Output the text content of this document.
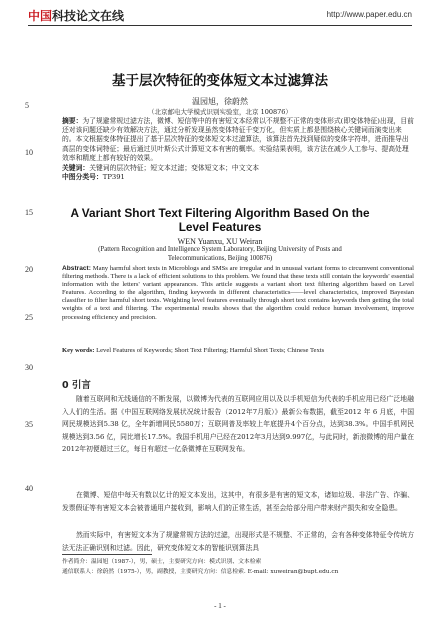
中国科技论文在线	http://www.paper.edu.cn
5
10
15
20
25
30
35
40
基于层次特征的变体短文本过滤算法
温园旭，徐蔚然
（北京邮电大学模式识别实验室，北京 100876）
摘要：为了规避常规过滤方法，微博、短信等中的有害短文本经常以不规整不正常的变体形式(即变体特征)出现，目前还对该问题还缺少有效解决方法，通过分析发现虽然变体特征千变万化，但实质上都是围绕核心关键词而演变出来的。本文根据变体特征提出了基于层次特征的变体短文本过滤算法，该算法首先找到疑似的变体字符串，进而推导出高层的变体词特征；最后通过贝叶斯公式计算短文本有害的概率。实验结果表明，该方法在减少人工参与、提高处理效率和精度上都有较好的效果。
关键词：关键词的层次特征；短文本过滤；变体短文本；中文文本
中图分类号：TP391
A Variant Short Text Filtering Algorithm Based On the Level Features
WEN Yuanxu, XU Weiran
(Pattern Recognition and Intelligence System Laboratory, Beijing University of Posts and Telecommunications, Beijing 100876)
Abstract: Many harmful short texts in Microblogs and SMSs are irregular and in unusual variant forms to circumvent conventional filtering methods. There is a lack of efficient solutions to this problem. We found that these texts still contain the keywords' essential information with the letters' variant appearances. This article suggests a variant short text filtering algorithm based on Level Features. According to the algorithm, finding keywords in different characteristics——level characteristics, improved Bayesian classifier to filter harmful short texts. Weighting level features eventually through short text contains keywords then getting the total weights of a text and filtering. The experimental results shows that the algorithm could reduce human involvement, improve processing efficiency and precision.
Key words: Level Features of Keywords; Short Text Filtering; Harmful Short Texts; Chinese Texts
0 引言
随着互联网和无线通信的不断发展，以微博为代表的互联网应用以及以手机短信为代表的手机应用已经广泛地融入人们的生活。据《中国互联网络发展状况统计报告（2012年7月版）》最新公布数据，截至2012 年 6 月底，中国网民规模达到5.38 亿，全年新增网民5580万；互联网普及率较上年底提升4个百分点，达到38.3%。中国手机网民规模达到3.56 亿，同比增长17.5%。我国手机用户已经在2012年3月达到9.997亿，与此同时，新浪微博的用户量在2012年初便超过三亿，每日有超过一亿条微博在互联网发布。
在微博、短信中每天有数以亿计的短文本发出，这其中，有很多是有害的短文本，诸如垃圾、非法广告、诈骗、发票假证等有害短文本会被普通用户接收到，影响人们的正常生活，甚至会给部分用户带来财产损失和安全隐患。
然而实际中，有害短文本为了规避常规方法的过滤，出现形式是不规整、不正常的，会有各种变体特征令传统方法无法正确识别和过滤。因此，研究变体短文本的智能识别算法具
作者简介：温园旭（1987-），男，硕士，主要研究方向：模式识别、文本检索
通信联系人：徐蔚然（1975-），男，副教授，主要研究方向：信息检索. E-mail: xuweiran@bupt.edu.cn
- 1 -
